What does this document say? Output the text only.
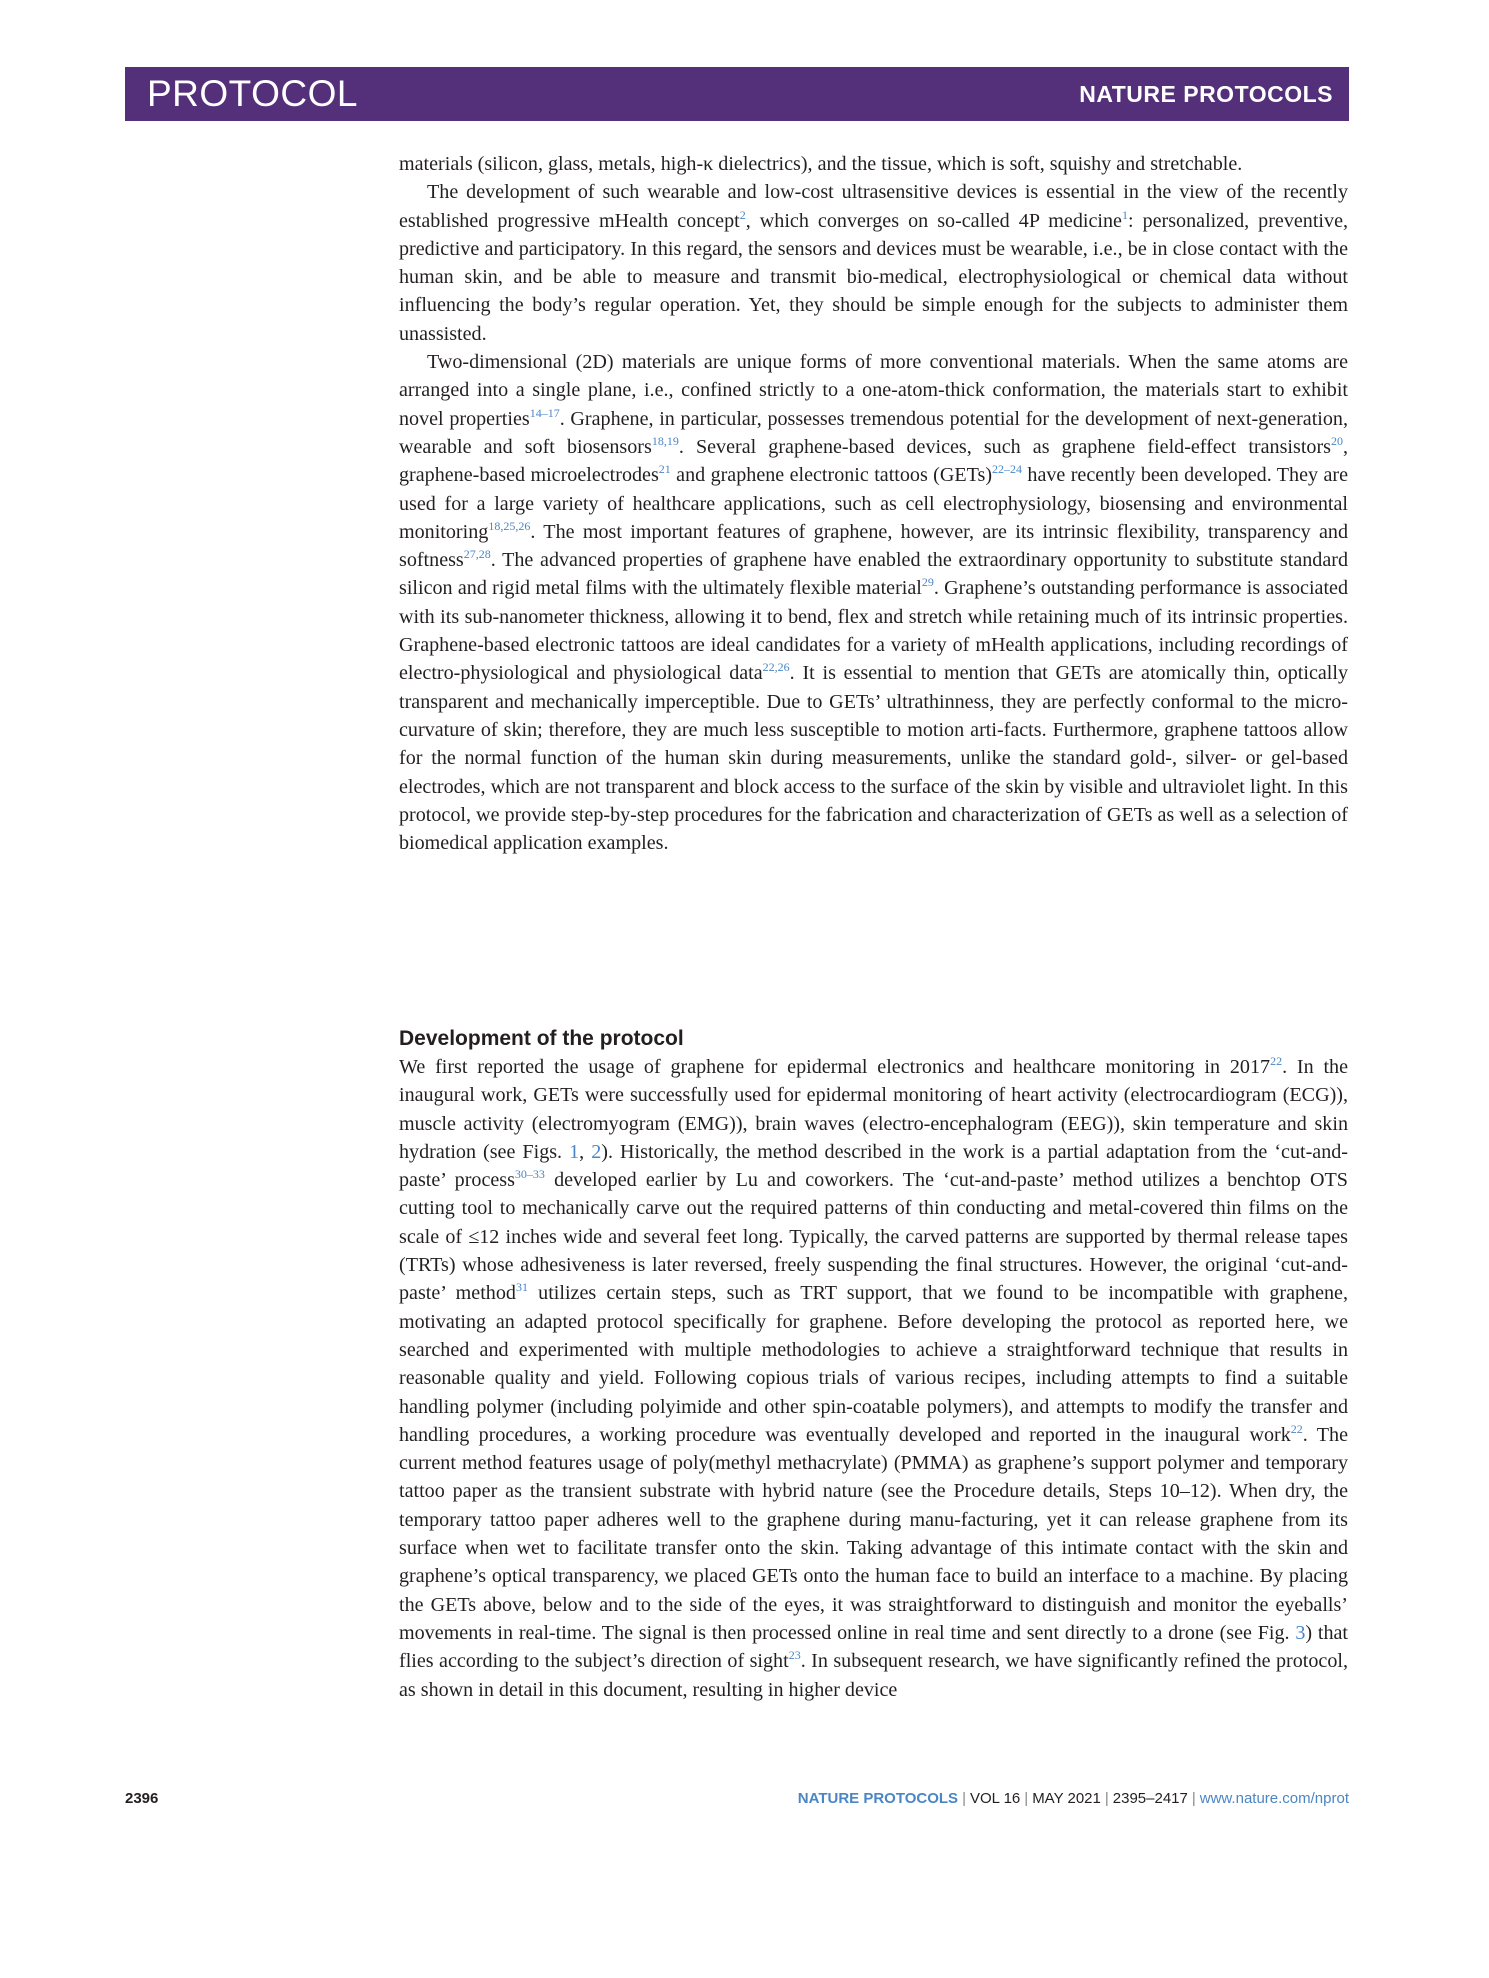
PROTOCOL	NATURE PROTOCOLS

materials (silicon, glass, metals, high-κ dielectrics), and the tissue, which is soft, squishy and stretchable.

The development of such wearable and low-cost ultrasensitive devices is essential in the view of the recently established progressive mHealth concept$^2$, which converges on so-called 4P medicine$^1$: personalized, preventive, predictive and participatory. In this regard, the sensors and devices must be wearable, i.e., be in close contact with the human skin, and be able to measure and transmit bio-medical, electrophysiological or chemical data without influencing the body’s regular operation. Yet, they should be simple enough for the subjects to administer them unassisted.

Two-dimensional (2D) materials are unique forms of more conventional materials. When the same atoms are arranged into a single plane, i.e., confined strictly to a one-atom-thick conformation, the materials start to exhibit novel properties$^{14-17}$. Graphene, in particular, possesses tremendous potential for the development of next-generation, wearable and soft biosensors$^{18,19}$. Several graphene-based devices, such as graphene field-effect transistors$^{20}$, graphene-based microelectrodes$^{21}$ and graphene electronic tattoos (GETs)$^{22-24}$ have recently been developed. They are used for a large variety of healthcare applications, such as cell electrophysiology, biosensing and environmental monitoring$^{18,25,26}$. The most important features of graphene, however, are its intrinsic flexibility, transparency and softness$^{27,28}$. The advanced properties of graphene have enabled the extraordinary opportunity to substitute standard silicon and rigid metal films with the ultimately flexible material$^{29}$. Graphene’s outstanding performance is associated with its sub-nanometer thickness, allowing it to bend, flex and stretch while retaining much of its intrinsic properties. Graphene-based electronic tattoos are ideal candidates for a variety of mHealth applications, including recordings of electro-physiological and physiological data$^{22,26}$. It is essential to mention that GETs are atomically thin, optically transparent and mechanically imperceptible. Due to GETs’ ultrathinness, they are perfectly conformal to the micro-curvature of skin; therefore, they are much less susceptible to motion arti-facts. Furthermore, graphene tattoos allow for the normal function of the human skin during measurements, unlike the standard gold-, silver- or gel-based electrodes, which are not transparent and block access to the surface of the skin by visible and ultraviolet light. In this protocol, we provide step-by-step procedures for the fabrication and characterization of GETs as well as a selection of biomedical application examples.

Development of the protocol

We first reported the usage of graphene for epidermal electronics and healthcare monitoring in 2017$^{22}$. In the inaugural work, GETs were successfully used for epidermal monitoring of heart activity (electrocardiogram (ECG)), muscle activity (electromyogram (EMG)), brain waves (electro-encephalogram (EEG)), skin temperature and skin hydration (see Figs. 1, 2). Historically, the method described in the work is a partial adaptation from the ‘cut-and-paste’ process$^{30-33}$ developed earlier by Lu and coworkers. The ‘cut-and-paste’ method utilizes a benchtop OTS cutting tool to mechanically carve out the required patterns of thin conducting and metal-covered thin films on the scale of ≤12 inches wide and several feet long. Typically, the carved patterns are supported by thermal release tapes (TRTs) whose adhesiveness is later reversed, freely suspending the final structures. However, the original ‘cut-and-paste’ method$^{31}$ utilizes certain steps, such as TRT support, that we found to be incompatible with graphene, motivating an adapted protocol specifically for graphene. Before developing the protocol as reported here, we searched and experimented with multiple methodologies to achieve a straightforward technique that results in reasonable quality and yield. Following copious trials of various recipes, including attempts to find a suitable handling polymer (including polyimide and other spin-coatable polymers), and attempts to modify the transfer and handling procedures, a working procedure was eventually developed and reported in the inaugural work$^{22}$. The current method features usage of poly(methyl methacrylate) (PMMA) as graphene’s support polymer and temporary tattoo paper as the transient substrate with hybrid nature (see the Procedure details, Steps 10–12). When dry, the temporary tattoo paper adheres well to the graphene during manu-facturing, yet it can release graphene from its surface when wet to facilitate transfer onto the skin. Taking advantage of this intimate contact with the skin and graphene’s optical transparency, we placed GETs onto the human face to build an interface to a machine. By placing the GETs above, below and to the side of the eyes, it was straightforward to distinguish and monitor the eyeballs’ movements in real-time. The signal is then processed online in real time and sent directly to a drone (see Fig. 3) that flies according to the subject’s direction of sight$^{23}$. In subsequent research, we have significantly refined the protocol, as shown in detail in this document, resulting in higher device

2396	NATURE PROTOCOLS | VOL 16 | MAY 2021 | 2395–2417 | www.nature.com/nprot
